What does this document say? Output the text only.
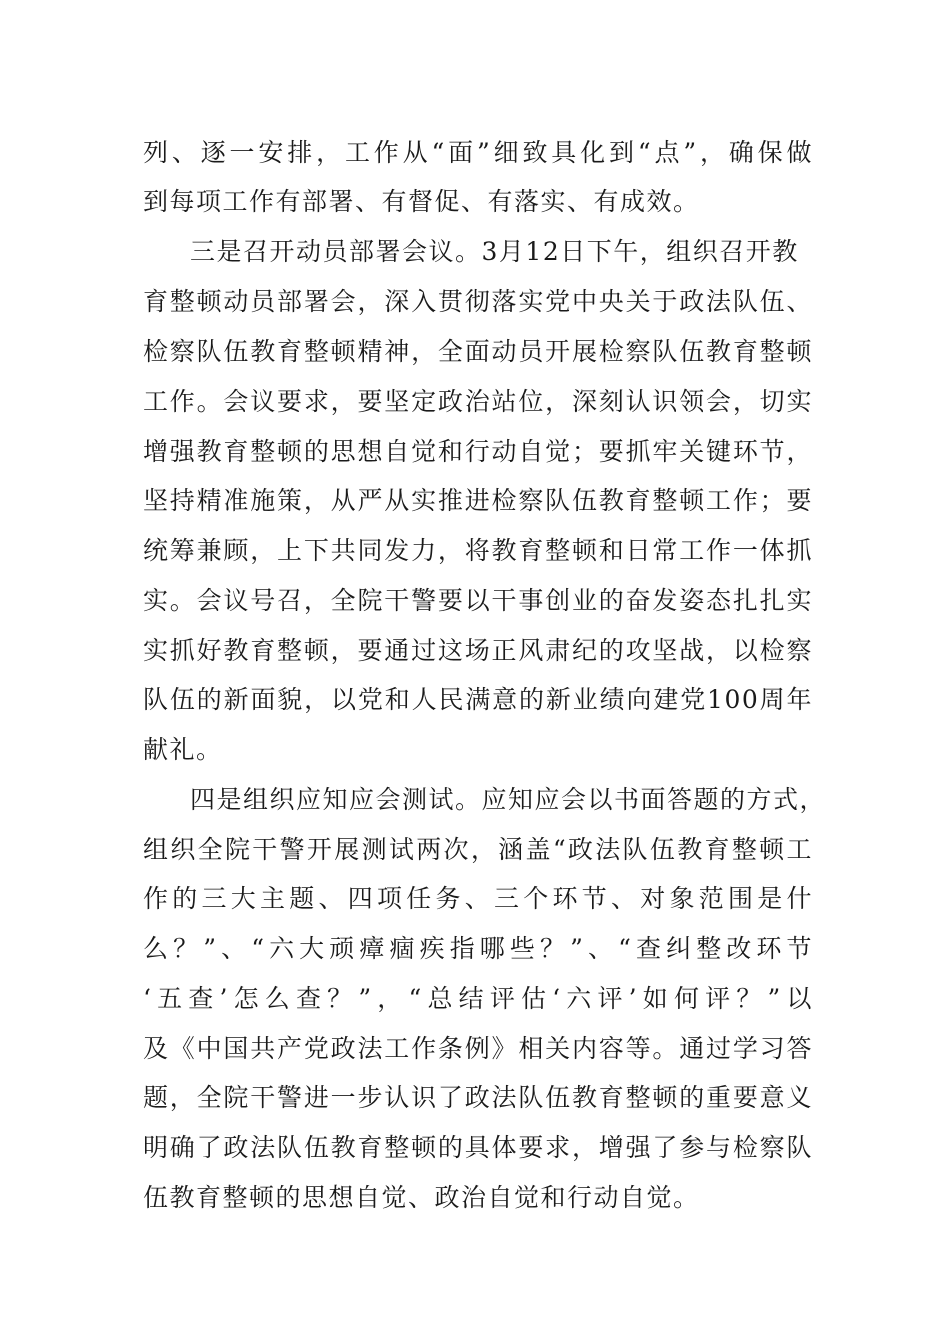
列、逐一安排，工作从“面”细致具化到“点”，确保做
到每项工作有部署、有督促、有落实、有成效。
三是召开动员部署会议。3月12日下午，组织召开教
育整顿动员部署会，深入贯彻落实党中央关于政法队伍、
检察队伍教育整顿精神，全面动员开展检察队伍教育整顿
工作。会议要求，要坚定政治站位，深刻认识领会，切实
增强教育整顿的思想自觉和行动自觉；要抓牢关键环节，
坚持精准施策，从严从实推进检察队伍教育整顿工作；要
统筹兼顾，上下共同发力，将教育整顿和日常工作一体抓
实。会议号召，全院干警要以干事创业的奋发姿态扎扎实
实抓好教育整顿，要通过这场正风肃纪的攻坚战，以检察
队伍的新面貌，以党和人民满意的新业绩向建党100周年
献礼。
四是组织应知应会测试。应知应会以书面答题的方式，
组织全院干警开展测试两次，涵盖“政法队伍教育整顿工
作的三大主题、四项任务、三个环节、对象范围是什
么？”、“六大顽瘴痼疾指哪些？”、“查纠整改环节
‘五查’怎么查？”，“总结评估‘六评’如何评？”以
及《中国共产党政法工作条例》相关内容等。通过学习答
题，全院干警进一步认识了政法队伍教育整顿的重要意义
明确了政法队伍教育整顿的具体要求，增强了参与检察队
伍教育整顿的思想自觉、政治自觉和行动自觉。
